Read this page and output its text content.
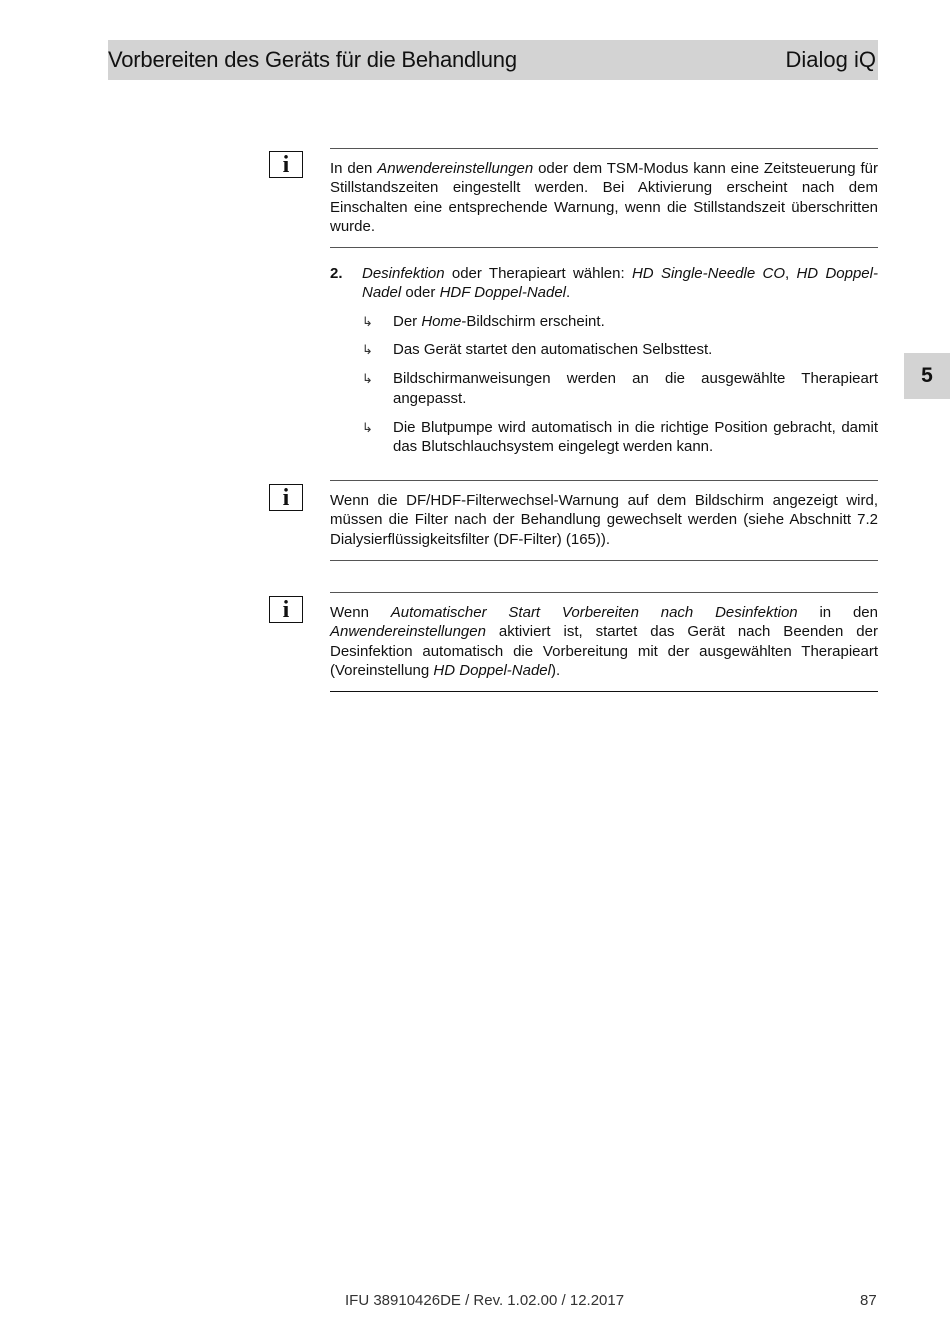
Vorbereiten des Geräts für die Behandlung	Dialog iQ
5
i	In den Anwendereinstellungen oder dem TSM-Modus kann eine Zeitsteuerung für Stillstandszeiten eingestellt werden. Bei Aktivierung erscheint nach dem Einschalten eine entsprechende Warnung, wenn die Stillstandszeit überschritten wurde.

2. Desinfektion oder Therapieart wählen: HD Single-Needle CO, HD Doppel-Nadel oder HDF Doppel-Nadel.
↳ Der Home-Bildschirm erscheint.
↳ Das Gerät startet den automatischen Selbsttest.
↳ Bildschirmanweisungen werden an die ausgewählte Therapieart angepasst.
↳ Die Blutpumpe wird automatisch in die richtige Position gebracht, damit das Blutschlauchsystem eingelegt werden kann.
i	Wenn die DF/HDF-Filterwechsel-Warnung auf dem Bildschirm angezeigt wird, müssen die Filter nach der Behandlung gewechselt werden (siehe Abschnitt 7.2 Dialysierflüssigkeitsfilter (DF-Filter) (165)).

i	Wenn Automatischer Start Vorbereiten nach Desinfektion in den Anwendereinstellungen aktiviert ist, startet das Gerät nach Beenden der Desinfektion automatisch die Vorbereitung mit der ausgewählten Therapieart (Voreinstellung HD Doppel-Nadel).

IFU 38910426DE / Rev. 1.02.00 / 12.2017	87
